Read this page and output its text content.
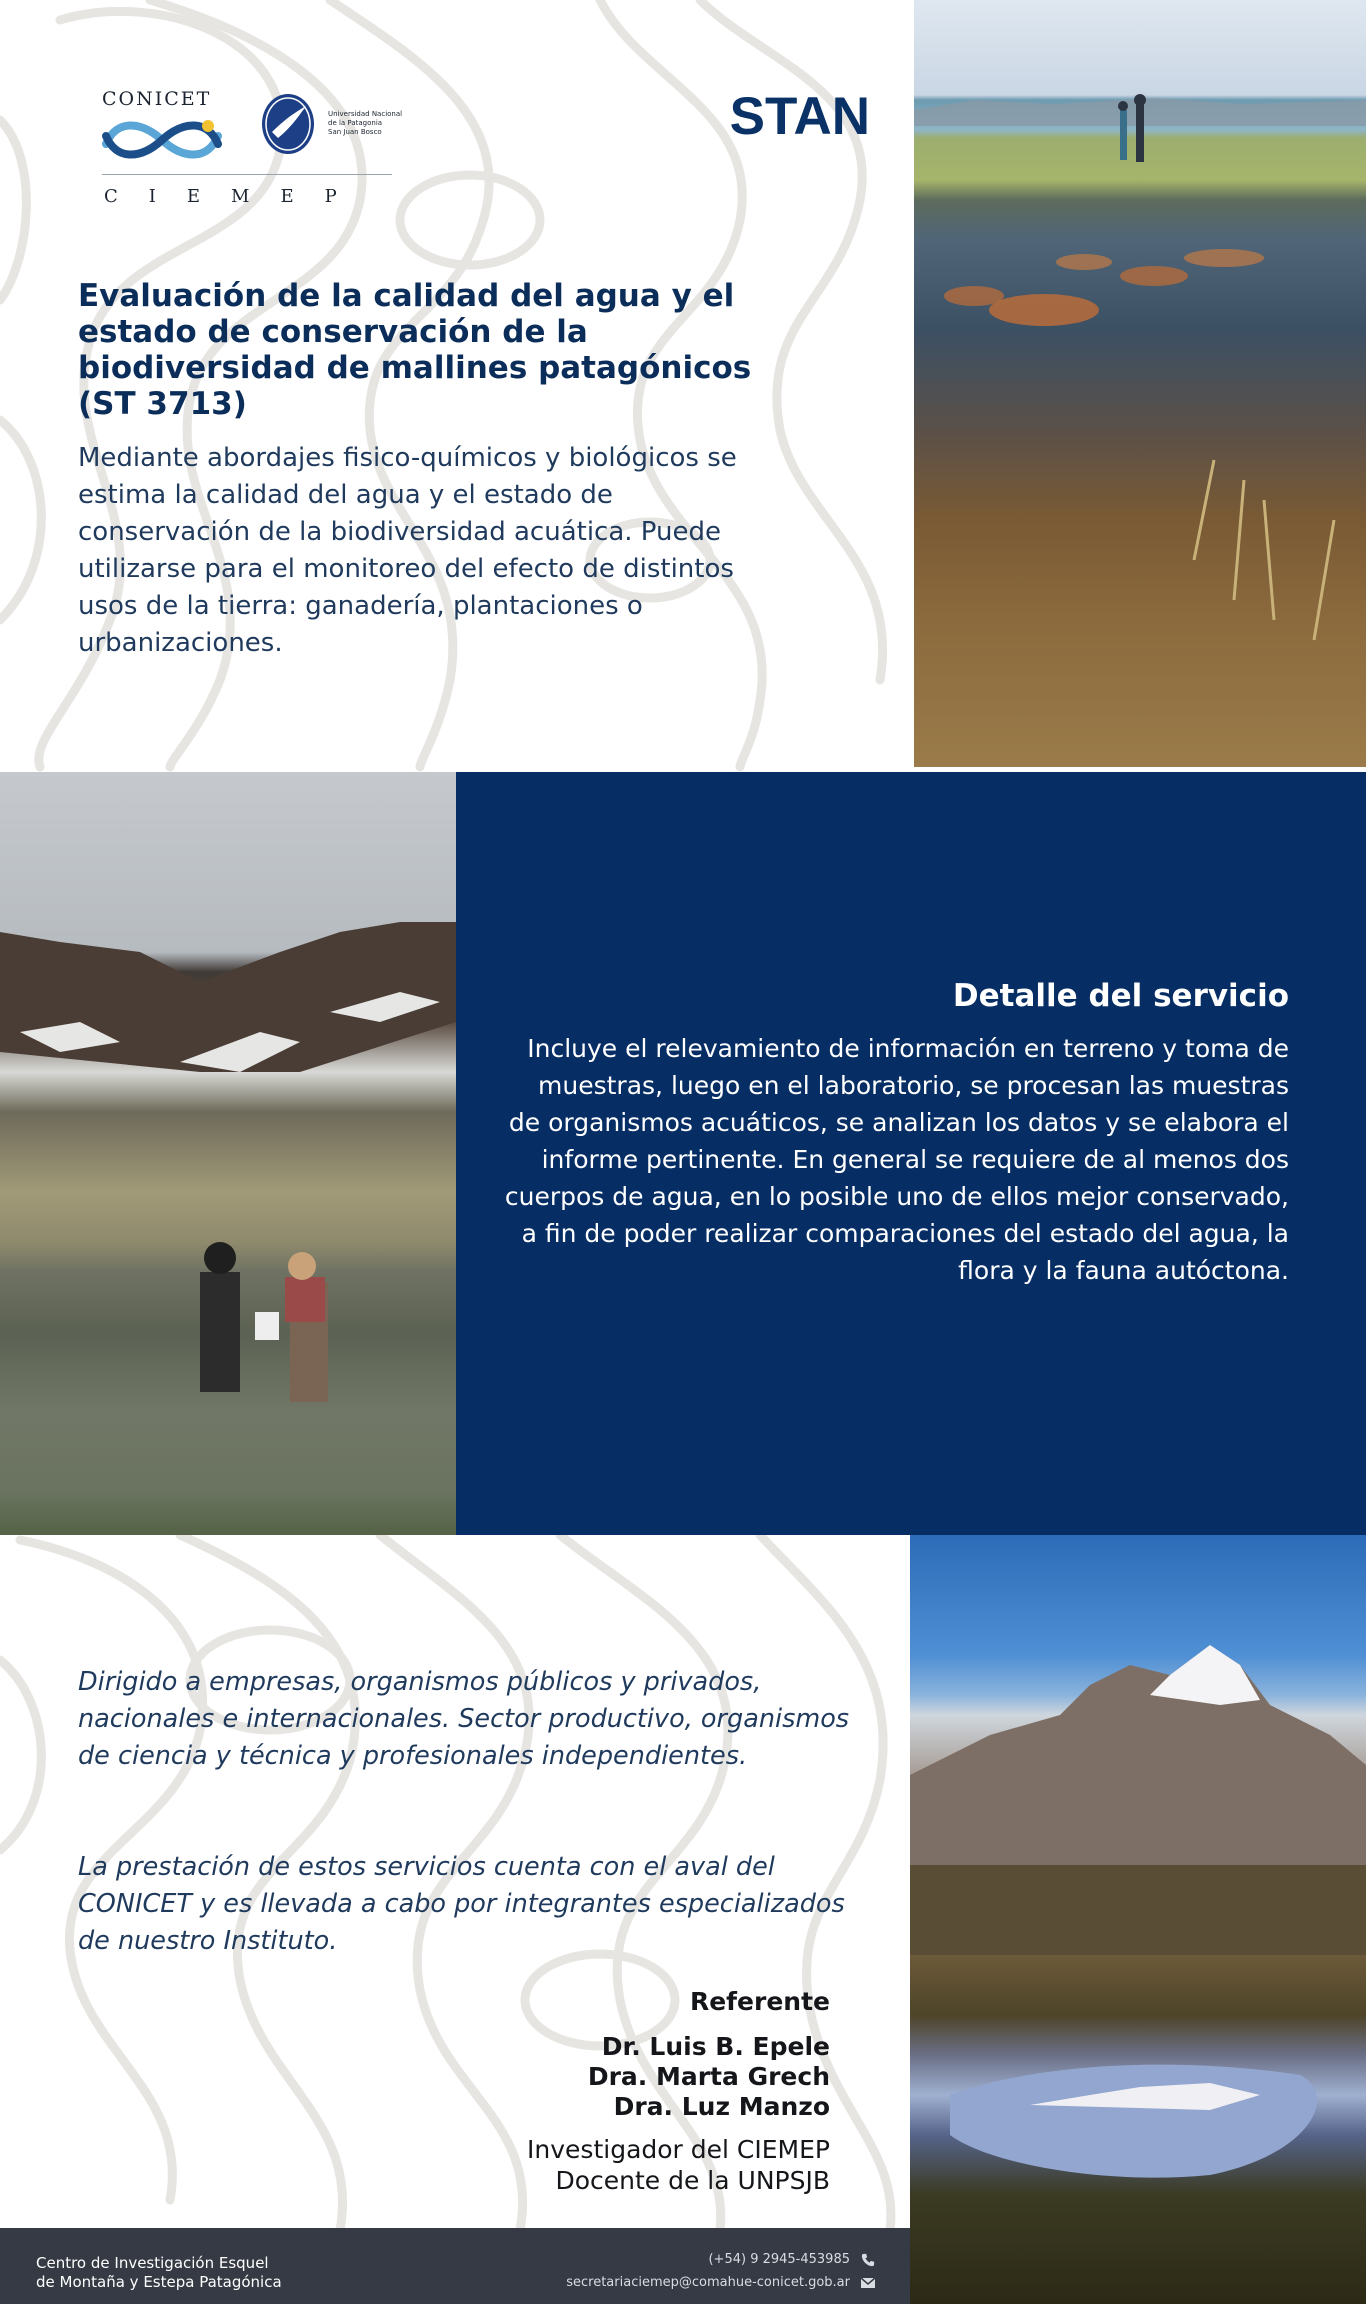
CONICET
Universidad Nacional
de la Patagonia
San Juan Bosco
CIEMEP
STAN
Evaluación de la calidad del agua y el estado de conservación de la biodiversidad de mallines patagónicos (ST 3713)

Mediante abordajes fisico-químicos y biológicos se estima la calidad del agua y el estado de conservación de la biodiversidad acuática. Puede utilizarse para el monitoreo del efecto de distintos usos de la tierra: ganadería, plantaciones o urbanizaciones.

Detalle del servicio

Incluye el relevamiento de información en terreno y toma de muestras, luego en el laboratorio, se procesan las muestras de organismos acuáticos, se analizan los datos y se elabora el informe pertinente. En general se requiere de al menos dos cuerpos de agua, en lo posible uno de ellos mejor conservado, a fin de poder realizar comparaciones del estado del agua, la flora y la fauna autóctona.

Dirigido a empresas, organismos públicos y privados, nacionales e internacionales. Sector productivo, organismos de ciencia y técnica y profesionales independientes.

La prestación de estos servicios cuenta con el aval del CONICET y es llevada a cabo por integrantes especializados de nuestro Instituto.

Referente
Dr. Luis B. Epele
Dra. Marta Grech
Dra. Luz Manzo
Investigador del CIEMEP
Docente de la UNPSJB
Centro de Investigación Esquel
de Montaña y Estepa Patagónica
(+54) 9 2945-453985
secretariaciemep@comahue-conicet.gob.ar
